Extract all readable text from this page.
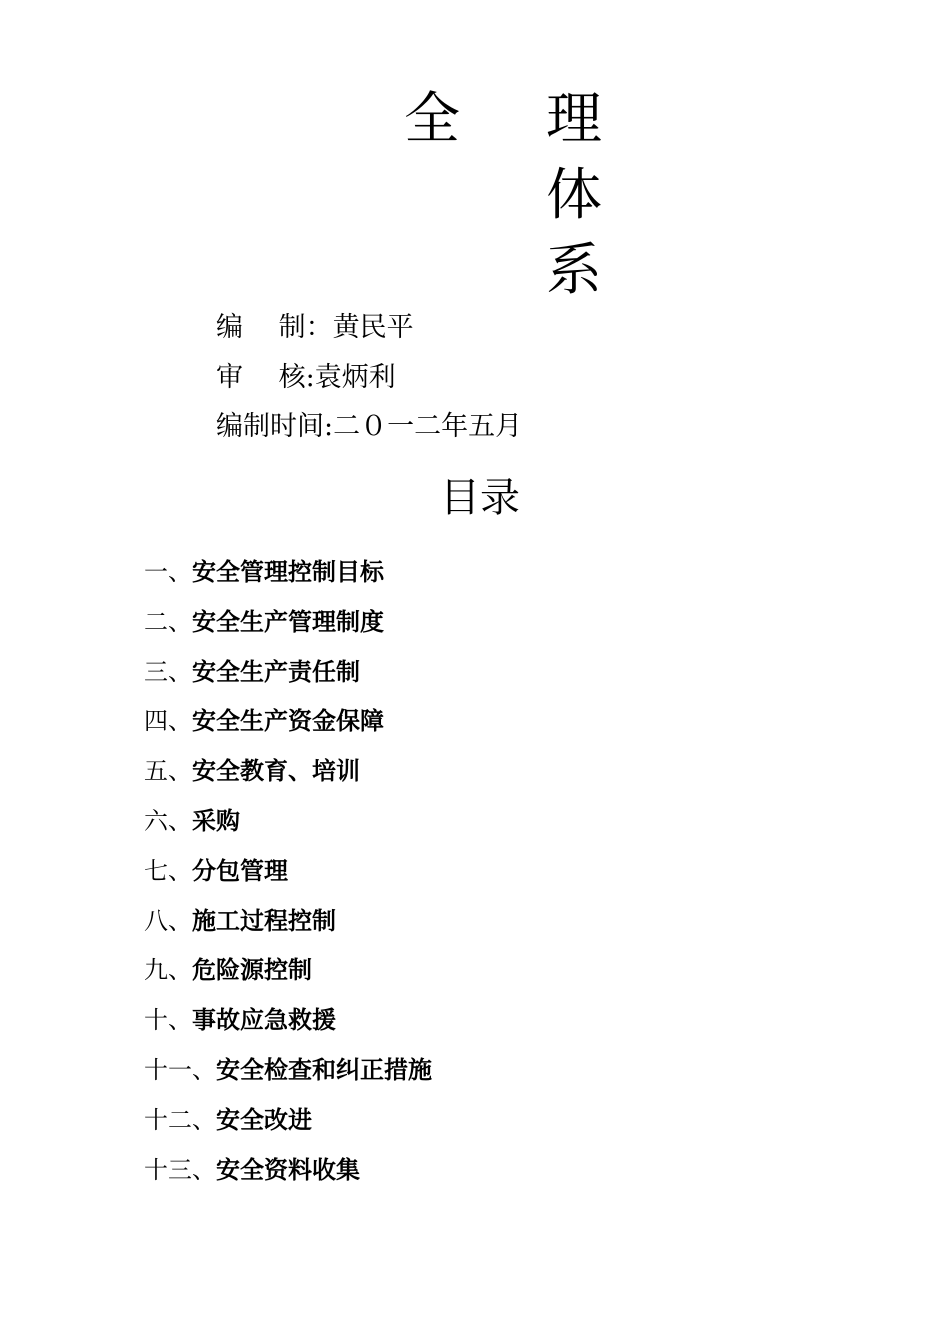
全 理
体
系
编　 制：黄民平
审　 核:袁炳利
编制时间:二０一二年五月
目录
一、安全管理控制目标
二、安全生产管理制度
三、安全生产责任制
四、安全生产资金保障
五、安全教育、培训
六、采购
七、分包管理
八、施工过程控制
九、危险源控制
十、事故应急救援
十一、安全检查和纠正措施
十二、安全改进
十三、安全资料收集
